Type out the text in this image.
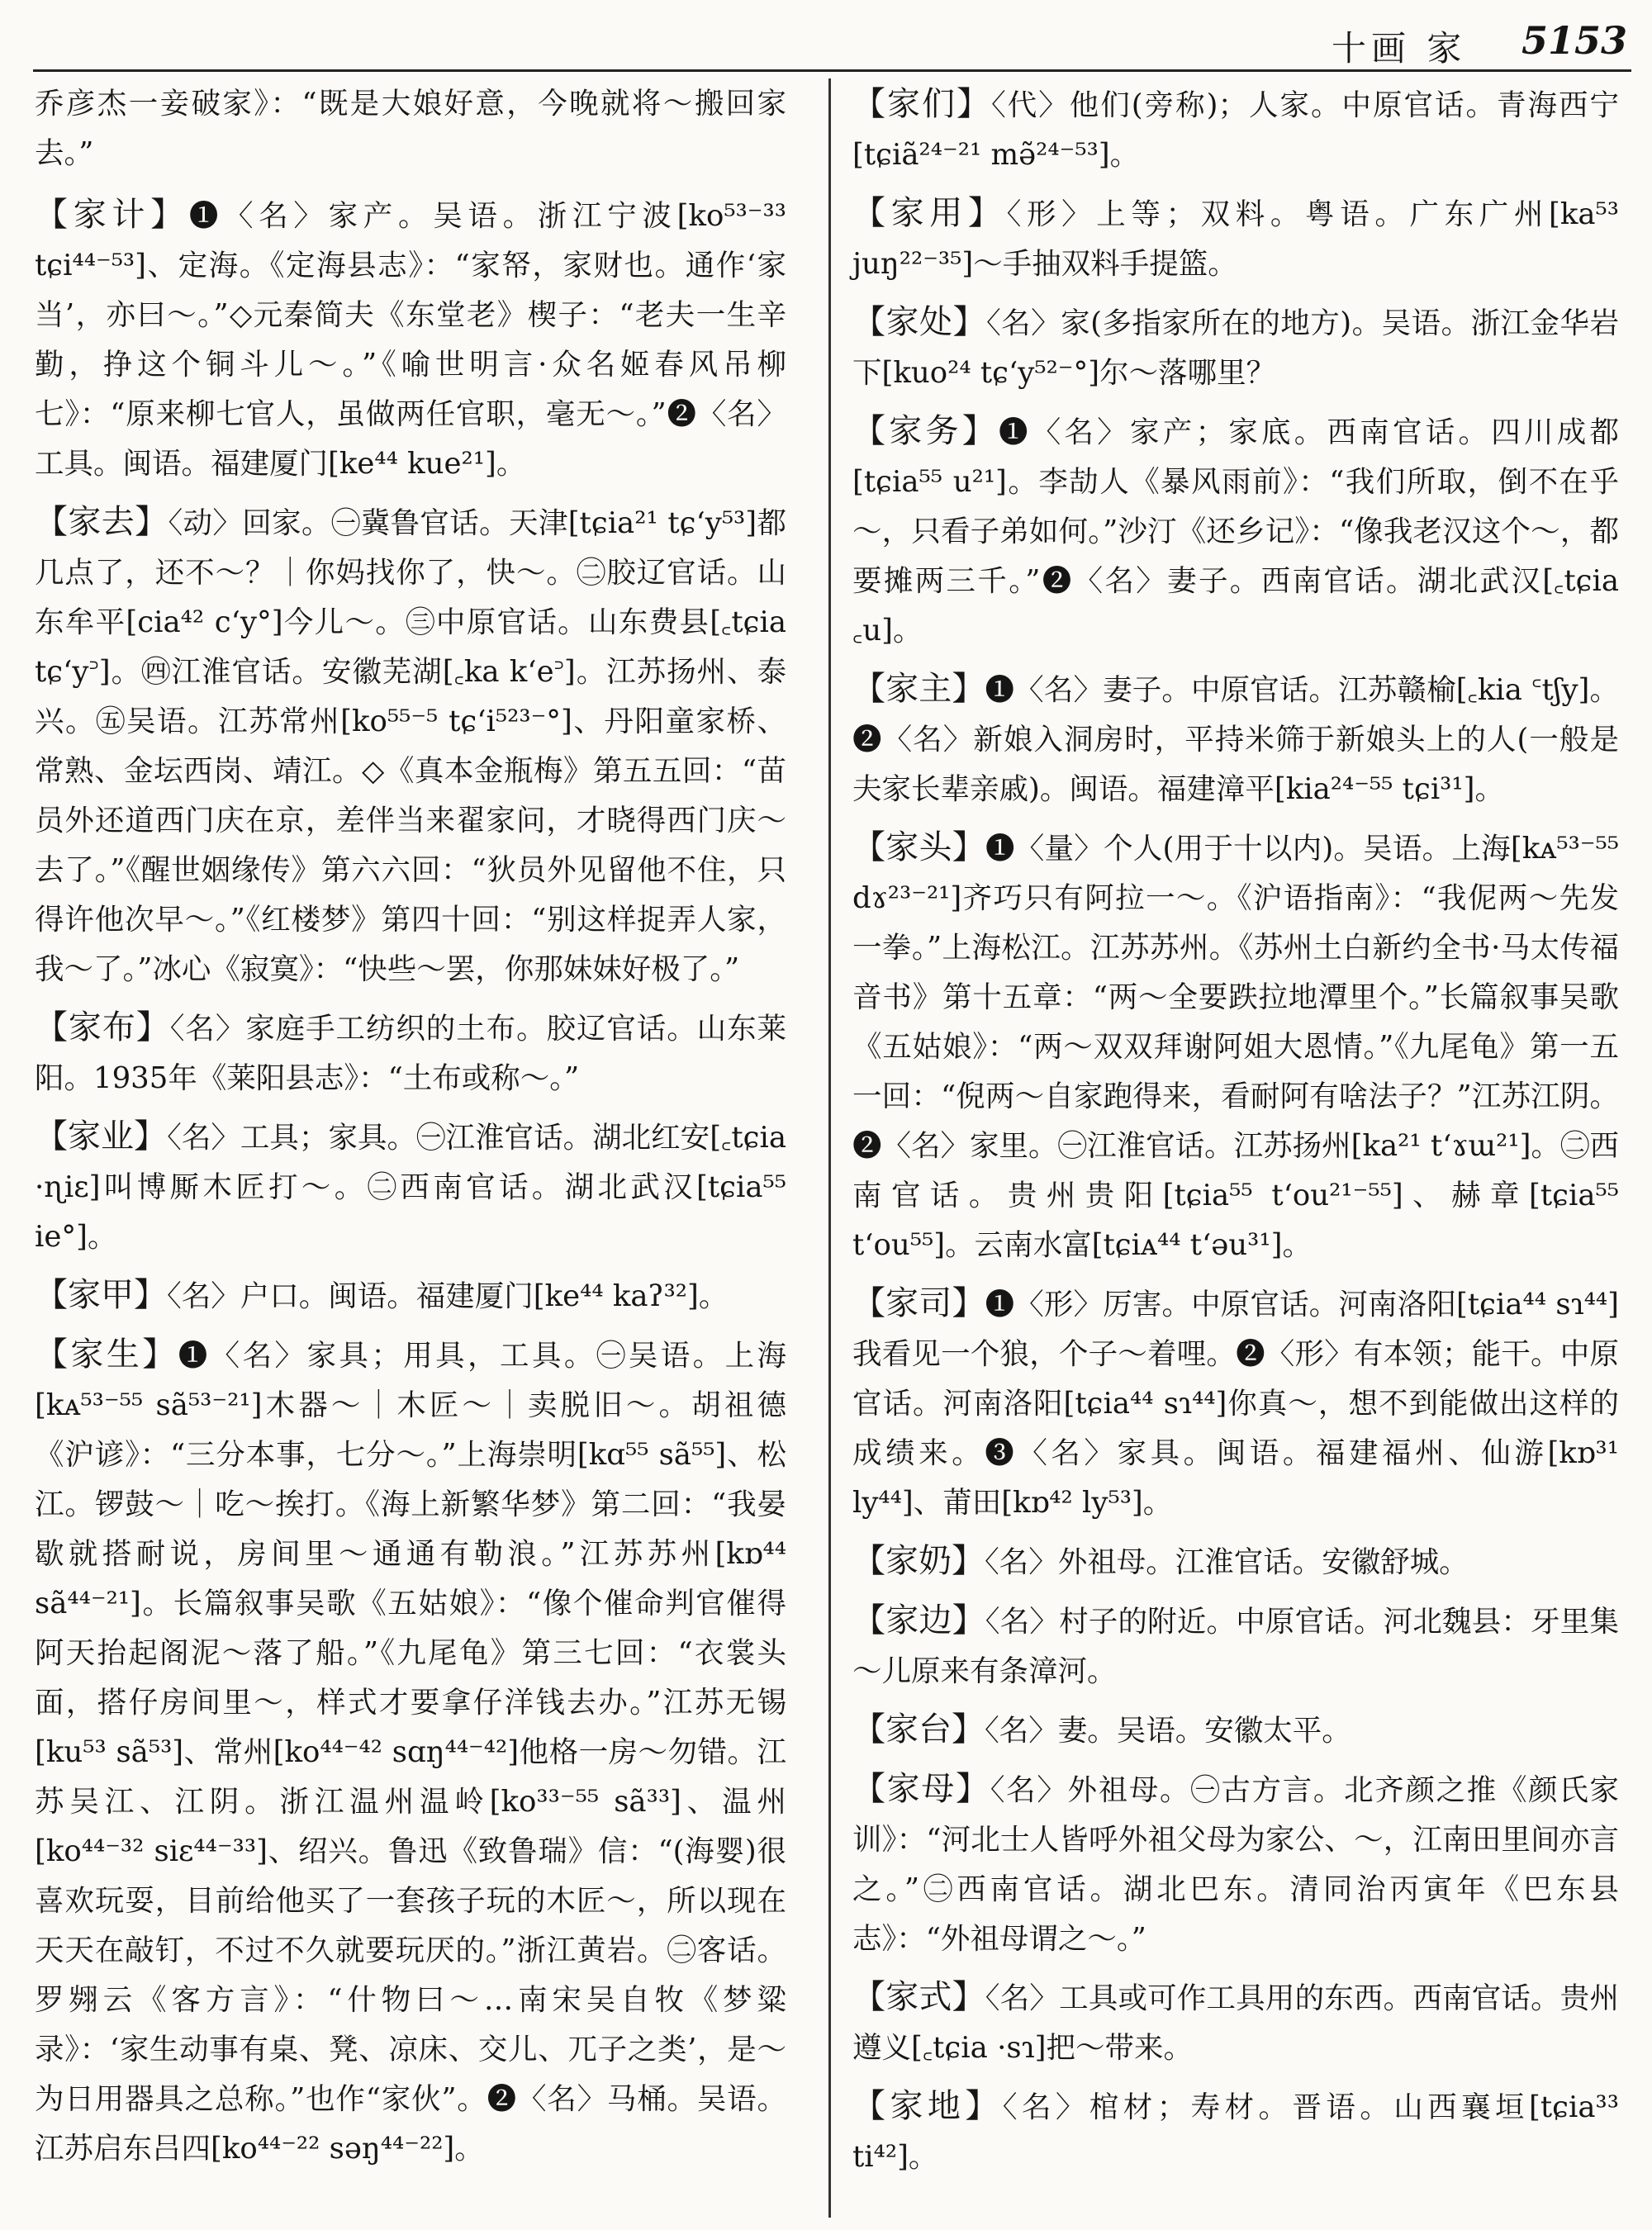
十画 家 5153
乔彦杰一妾破家》：“既是大娘好意，今晚就将～搬回家去。”
【家计】❶〈名〉家产。吴语。浙江宁波[ko⁵³⁻³³ tɕi⁴⁴⁻⁵³]、定海。《定海县志》：“家帑，家财也。通作‘家当’，亦曰～。”◇元秦简夫《东堂老》楔子：“老夫一生辛勤，挣这个铜斗儿～。”《喻世明言·众名姬春风吊柳七》：“原来柳七官人，虽做两任官职，毫无～。”❷〈名〉工具。闽语。福建厦门[ke⁴⁴ kue²¹]。
【家去】〈动〉回家。㊀冀鲁官话。天津[tɕia²¹ tɕʻy⁵³]都几点了，还不～？｜你妈找你了，快～。㊁胶辽官话。山东牟平[cia⁴² cʻy°]今儿～。㊂中原官话。山东费县[꜀tɕia tɕʻy꜄]。㊃江淮官话。安徽芜湖[꜀ka kʻe꜄]。江苏扬州、泰兴。㊄吴语。江苏常州[ko⁵⁵⁻⁵ tɕʻi⁵²³⁻°]、丹阳童家桥、常熟、金坛西岗、靖江。◇《真本金瓶梅》第五五回：“苗员外还道西门庆在京，差伴当来翟家问，才晓得西门庆～去了。”《醒世姻缘传》第六六回：“狄员外见留他不住，只得许他次早～。”《红楼梦》第四十回：“别这样捉弄人家，我～了。”冰心《寂寞》：“快些～罢，你那妹妹好极了。”
【家布】〈名〉家庭手工纺织的土布。胶辽官话。山东莱阳。1935年《莱阳县志》：“土布或称～。”
【家业】〈名〉工具；家具。㊀江淮官话。湖北红安[꜀tɕia ·ɳiɛ]叫博厮木匠打～。㊁西南官话。湖北武汉[tɕia⁵⁵ ie°]。
【家甲】〈名〉户口。闽语。福建厦门[ke⁴⁴ kaʔ³²]。
【家生】❶〈名〉家具；用具，工具。㊀吴语。上海[kᴀ⁵³⁻⁵⁵ sã⁵³⁻²¹]木器～｜木匠～｜卖脱旧～。胡祖德《沪谚》：“三分本事，七分～。”上海崇明[kɑ⁵⁵ sã⁵⁵]、松江。锣鼓～｜吃～挨打。《海上新繁华梦》第二回：“我晏歇就搭耐说，房间里～通通有勒浪。”江苏苏州[kɒ⁴⁴ sã⁴⁴⁻²¹]。长篇叙事吴歌《五姑娘》：“像个催命判官催得阿天抬起阁泥～落了船。”《九尾龟》第三七回：“衣裳头面，搭仔房间里～，样式才要拿仔洋钱去办。”江苏无锡[ku⁵³ sã⁵³]、常州[ko⁴⁴⁻⁴² sɑŋ⁴⁴⁻⁴²]他格一房～勿错。江苏吴江、江阴。浙江温州温岭[ko³³⁻⁵⁵ sã³³]、温州[ko⁴⁴⁻³² siɛ⁴⁴⁻³³]、绍兴。鲁迅《致鲁瑞》信：“(海婴)很喜欢玩耍，目前给他买了一套孩子玩的木匠～，所以现在天天在敲钉，不过不久就要玩厌的。”浙江黄岩。㊁客话。罗翙云《客方言》：“什物曰～…南宋吴自牧《梦粱录》：‘家生动事有桌、凳、凉床、交儿、兀子之类’，是～为日用器具之总称。”也作“家伙”。❷〈名〉马桶。吴语。江苏启东吕四[ko⁴⁴⁻²² səŋ⁴⁴⁻²²]。
【家们】〈代〉他们(旁称)；人家。中原官话。青海西宁[tɕiã²⁴⁻²¹ mə̃²⁴⁻⁵³]。
【家用】〈形〉上等；双料。粤语。广东广州[ka⁵³ juŋ²²⁻³⁵]～手抽双料手提篮。
【家处】〈名〉家(多指家所在的地方)。吴语。浙江金华岩下[kuo²⁴ tɕʻy⁵²⁻°]尔～落哪里？
【家务】❶〈名〉家产；家底。西南官话。四川成都[tɕia⁵⁵ u²¹]。李劼人《暴风雨前》：“我们所取，倒不在乎～，只看子弟如何。”沙汀《还乡记》：“像我老汉这个～，都要摊两三千。”❷〈名〉妻子。西南官话。湖北武汉[꜀tɕia ꜀u]。
【家主】❶〈名〉妻子。中原官话。江苏赣榆[꜀kia ꜂tʃy]。❷〈名〉新娘入洞房时，平持米筛于新娘头上的人(一般是夫家长辈亲戚)。闽语。福建漳平[kia²⁴⁻⁵⁵ tɕi³¹]。
【家头】❶〈量〉个人(用于十以内)。吴语。上海[kᴀ⁵³⁻⁵⁵ dɤ²³⁻²¹]齐巧只有阿拉一～。《沪语指南》：“我伲两～先发一拳。”上海松江。江苏苏州。《苏州土白新约全书·马太传福音书》第十五章：“两～全要跌拉地潭里个。”长篇叙事吴歌《五姑娘》：“两～双双拜谢阿姐大恩情。”《九尾龟》第一五一回：“倪两～自家跑得来，看耐阿有啥法子？”江苏江阴。❷〈名〉家里。㊀江淮官话。江苏扬州[ka²¹ tʻɤɯ²¹]。㊁西南官话。贵州贵阳[tɕia⁵⁵ tʻou²¹⁻⁵⁵]、赫章[tɕia⁵⁵ tʻou⁵⁵]。云南水富[tɕiᴀ⁴⁴ tʻəu³¹]。
【家司】❶〈形〉厉害。中原官话。河南洛阳[tɕia⁴⁴ sɿ⁴⁴]我看见一个狼，个子～着哩。❷〈形〉有本领；能干。中原官话。河南洛阳[tɕia⁴⁴ sɿ⁴⁴]你真～，想不到能做出这样的成绩来。❸〈名〉家具。闽语。福建福州、仙游[kɒ³¹ ly⁴⁴]、莆田[kɒ⁴² ly⁵³]。
【家奶】〈名〉外祖母。江淮官话。安徽舒城。
【家边】〈名〉村子的附近。中原官话。河北魏县：牙里集～儿原来有条漳河。
【家台】〈名〉妻。吴语。安徽太平。
【家母】〈名〉外祖母。㊀古方言。北齐颜之推《颜氏家训》：“河北士人皆呼外祖父母为家公、～，江南田里间亦言之。”㊁西南官话。湖北巴东。清同治丙寅年《巴东县志》：“外祖母谓之～。”
【家式】〈名〉工具或可作工具用的东西。西南官话。贵州遵义[꜀tɕia ·sɿ]把～带来。
【家地】〈名〉棺材；寿材。晋语。山西襄垣[tɕia³³ ti⁴²]。
